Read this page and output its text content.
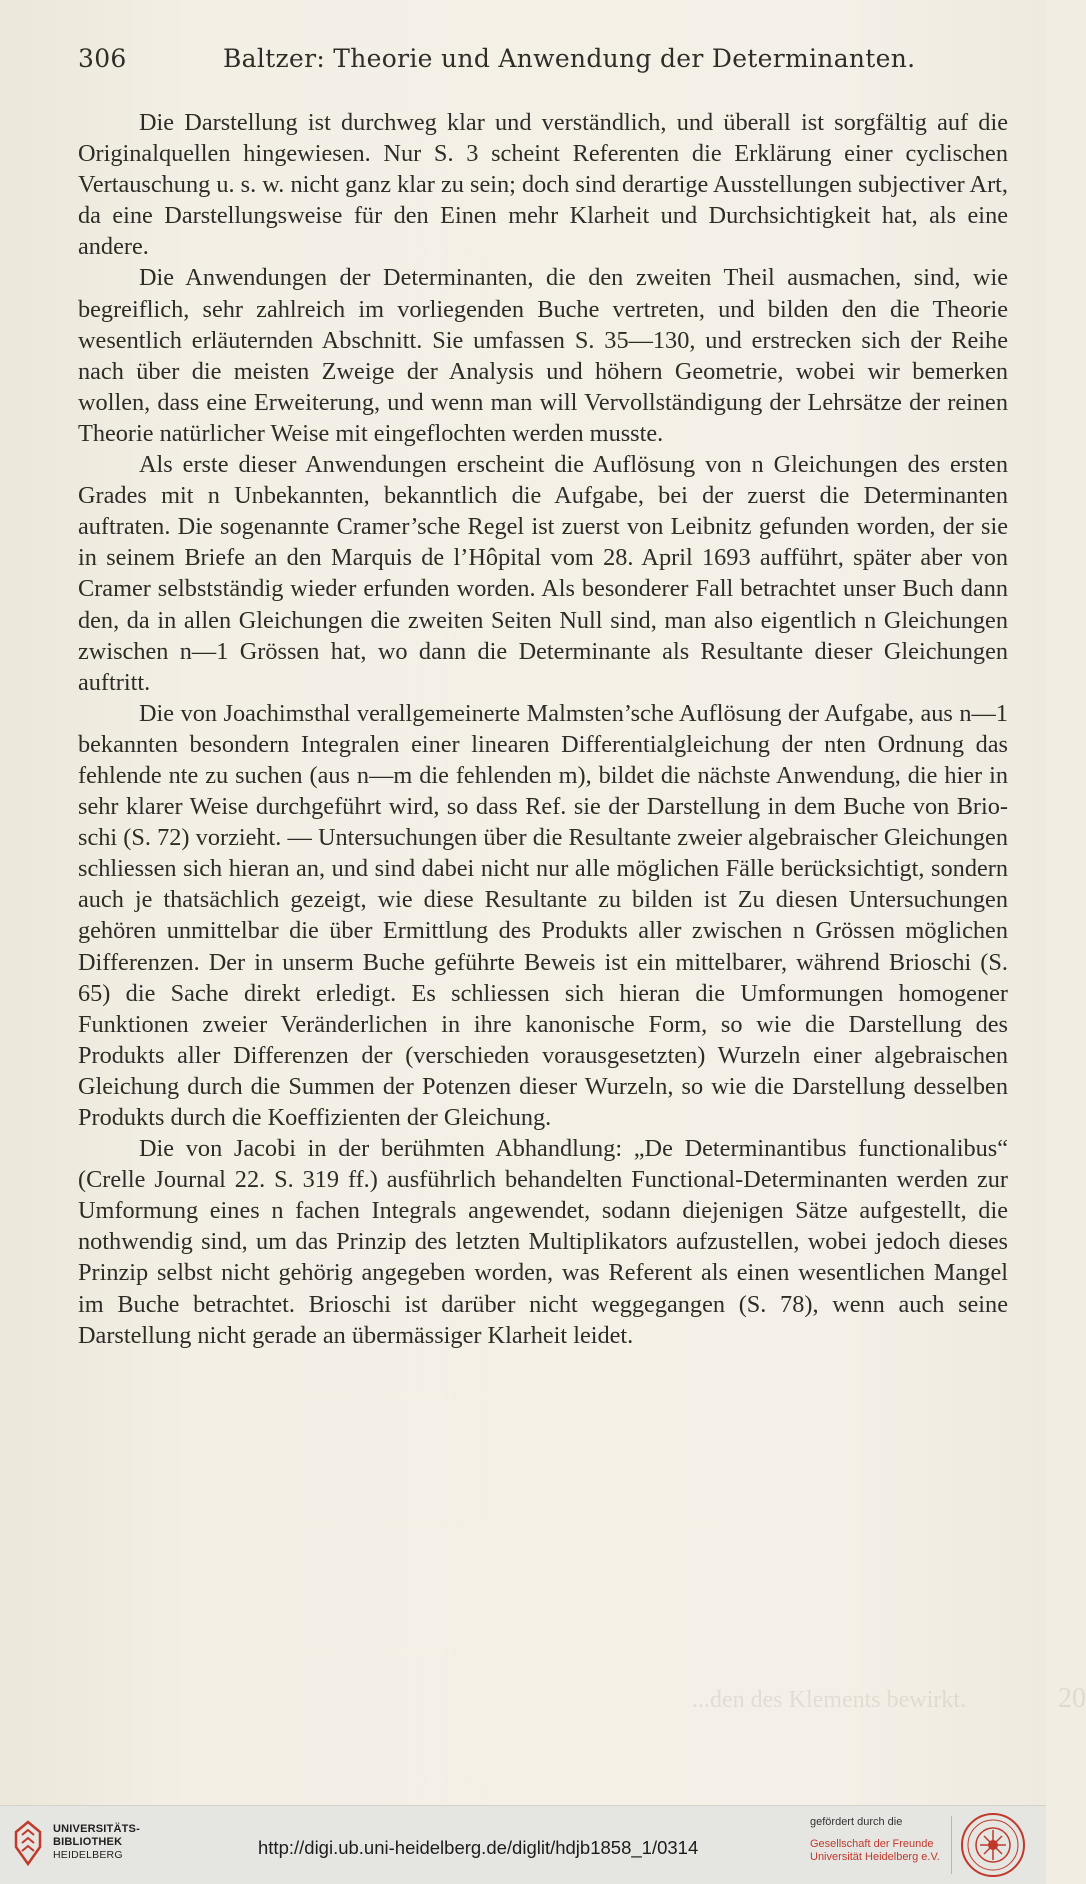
306	Baltzer: Theorie und Anwendung der Determinanten.

Die Darstellung ist durchweg klar und verständlich, und überall ist sorgfältig auf die Originalquellen hingewiesen. Nur S. 3 scheint Referenten die Erklärung einer cyclischen Vertauschung u. s. w. nicht ganz klar zu sein; doch sind derartige Ausstellungen subjectiver Art, da eine Darstellungsweise für den Einen mehr Klarheit und Durchsichtigkeit hat, als eine andere.

Die Anwendungen der Determinanten, die den zweiten Theil ausmachen, sind, wie begreiflich, sehr zahlreich im vorliegenden Buche vertreten, und bilden den die Theorie wesentlich erläuternden Abschnitt. Sie umfassen S. 35—130, und erstrecken sich der Reihe nach über die meisten Zweige der Analysis und höhern Geometrie, wobei wir bemerken wollen, dass eine Erweiterung, und wenn man will Vervollständigung der Lehrsätze der reinen Theorie natürlicher Weise mit eingeflochten werden musste.

Als erste dieser Anwendungen erscheint die Auflösung von n Gleichungen des ersten Grades mit n Unbekannten, bekanntlich die Aufgabe, bei der zuerst die Determinanten auftraten. Die sogenannte Cramer’sche Regel ist zuerst von Leibnitz gefunden worden, der sie in seinem Briefe an den Marquis de l’Hôpital vom 28. April 1693 aufführt, später aber von Cramer selbstständig wieder erfunden worden. Als besonderer Fall betrachtet unser Buch dann den, da in allen Gleichungen die zweiten Seiten Null sind, man also eigentlich n Gleichungen zwischen n—1 Grössen hat, wo dann die Determinante als Resultante dieser Gleichungen auftritt.

Die von Joachimsthal verallgemeinerte Malmsten’sche Auflösung der Aufgabe, aus n—1 bekannten besondern Integralen einer linearen Differentialgleichung der nten Ordnung das fehlende nte zu suchen (aus n—m die fehlenden m), bildet die nächste Anwendung, die hier in sehr klarer Weise durchgeführt wird, so dass Ref. sie der Darstellung in dem Buche von Brioschi (S. 72) vorzieht. — Untersuchungen über die Resultante zweier algebraischer Gleichungen schliessen sich hieran an, und sind dabei nicht nur alle möglichen Fälle berücksichtigt, sondern auch je thatsächlich gezeigt, wie diese Resultante zu bilden ist Zu diesen Untersuchungen gehören unmittelbar die über Ermittlung des Produkts aller zwischen n Grössen möglichen Differenzen. Der in unserm Buche geführte Beweis ist ein mittelbarer, während Brioschi (S. 65) die Sache direkt erledigt. Es schliessen sich hieran die Umformungen homogener Funktionen zweier Veränderlichen in ihre kanonische Form, so wie die Darstellung des Produkts aller Differenzen der (verschieden vorausgesetzten) Wurzeln einer algebraischen Gleichung durch die Summen der Potenzen dieser Wurzeln, so wie die Darstellung desselben Produkts durch die Koeffizienten der Gleichung.

Die von Jacobi in der berühmten Abhandlung: „De Determinantibus functionalibus“ (Crelle Journal 22. S. 319 ff.) ausführlich behandelten Functional-Determinanten werden zur Umformung eines n fachen Integrals angewendet, sodann diejenigen Sätze aufgestellt, die nothwendig sind, um das Prinzip des letzten Multiplikators aufzustellen, wobei jedoch dieses Prinzip selbst nicht gehörig angegeben worden, was Referent als einen wesentlichen Mangel im Buche betrachtet. Brioschi ist darüber nicht weggegangen (S. 78), wenn auch seine Darstellung nicht gerade an übermässiger Klarheit leidet.

...den des Klements bewirkt.	20
UNIVERSITÄTS-
BIBLIOTHEK
HEIDELBERG	http://digi.ub.uni-heidelberg.de/diglit/hdjb1858_1/0314
gefördert durch die
Gesellschaft der Freunde
Universität Heidelberg e.V.
